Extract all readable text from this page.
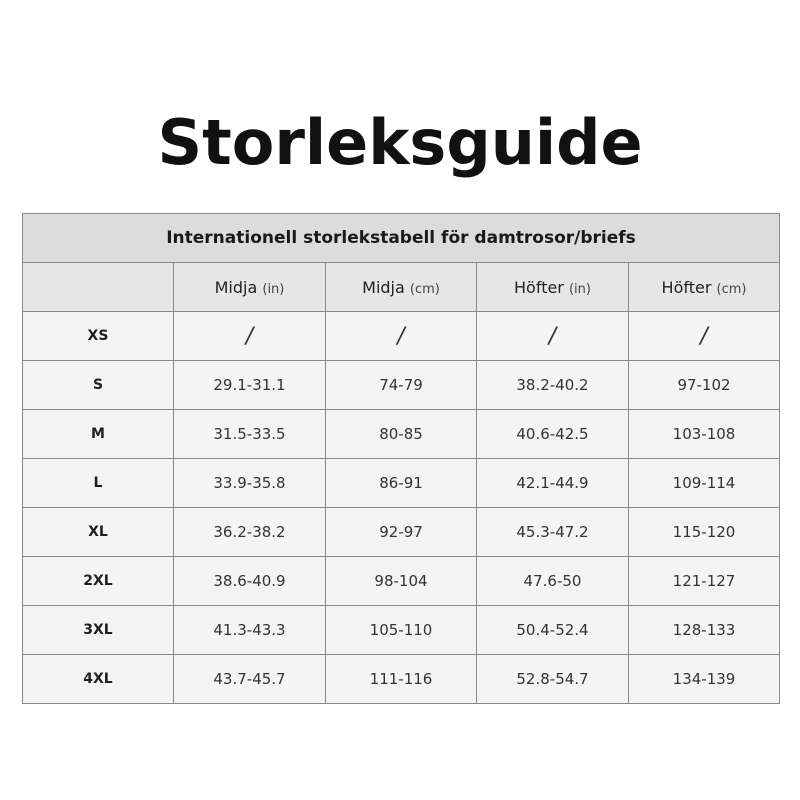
Storleksguide
Internationell storlekstabell för damtrosor/briefs				
	Midja (in)	Midja (cm)	Höfter (in)	Höfter (cm)
XS	/	/	/	/
S	29.1-31.1	74-79	38.2-40.2	97-102
M	31.5-33.5	80-85	40.6-42.5	103-108
L	33.9-35.8	86-91	42.1-44.9	109-114
XL	36.2-38.2	92-97	45.3-47.2	115-120
2XL	38.6-40.9	98-104	47.6-50	121-127
3XL	41.3-43.3	105-110	50.4-52.4	128-133
4XL	43.7-45.7	111-116	52.8-54.7	134-139
